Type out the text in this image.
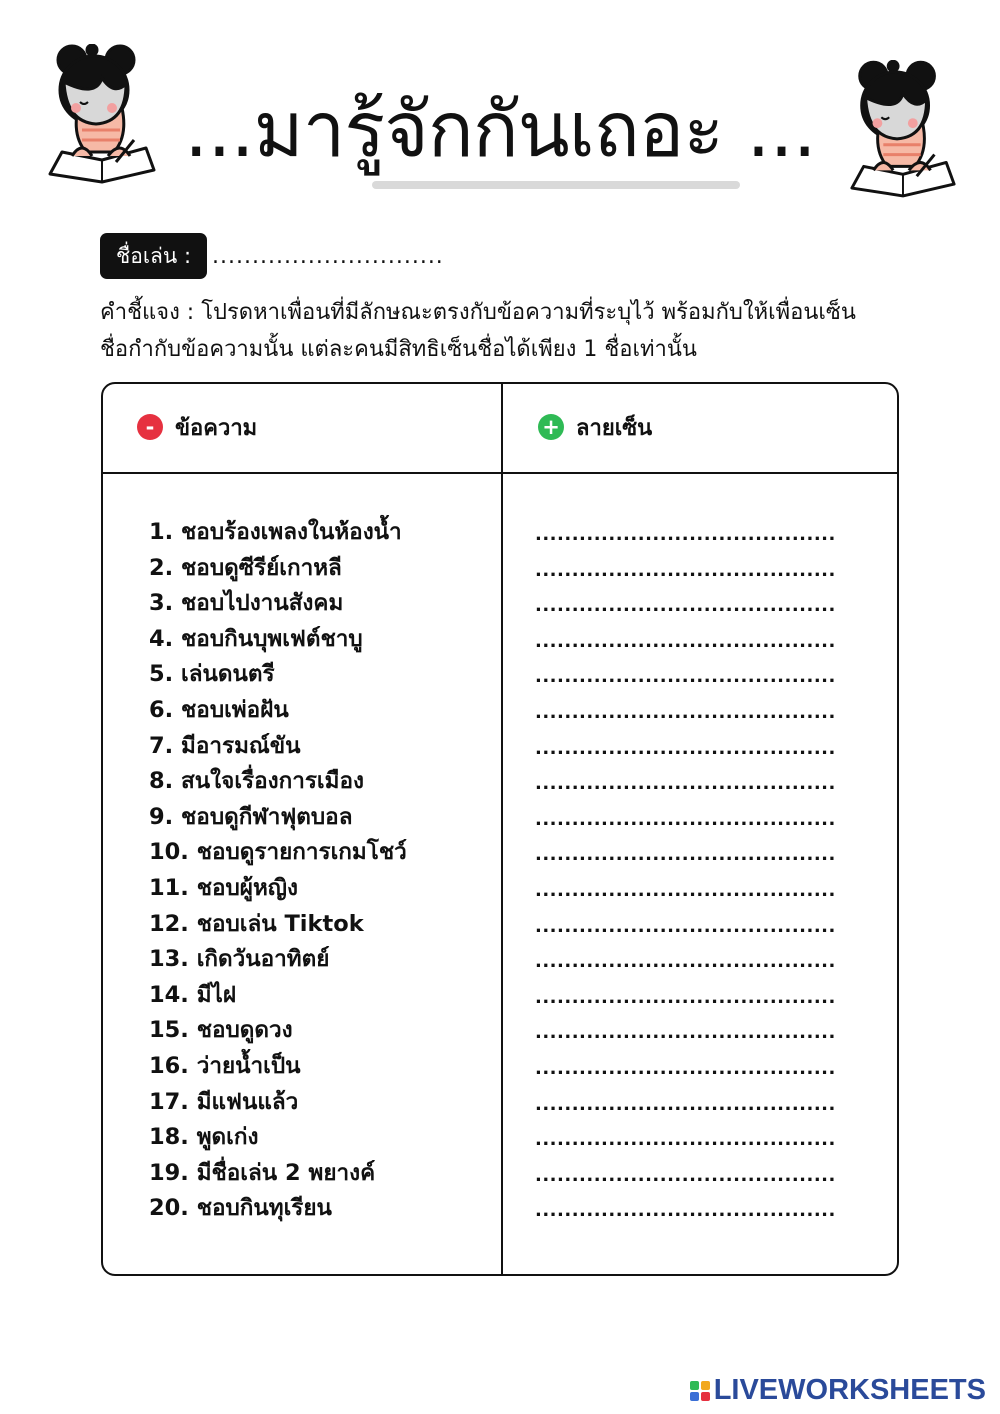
...มารู้จักกันเถอะ ...
ชื่อเล่น : .............................

คำชี้แจง : โปรดหาเพื่อนที่มีลักษณะตรงกับข้อความที่ระบุไว้ พร้อมกับให้เพื่อนเซ็น

ชื่อกำกับข้อความนั้น แต่ละคนมีสิทธิเซ็นชื่อได้เพียง 1 ชื่อเท่านั้น

- ข้อความ	+ ลายเซ็น
1. ชอบร้องเพลงในห้องน้ำ
2. ชอบดูซีรีย์เกาหลี
3. ชอบไปงานสังคม
4. ชอบกินบุพเฟต์ชาบู
5. เล่นดนตรี
6. ชอบเพ่อฝัน
7. มีอารมณ์ขัน
8. สนใจเรื่องการเมือง
9. ชอบดูกีฬาฟุตบอล
10. ชอบดูรายการเกมโชว์
11. ชอบผู้หญิง
12. ชอบเล่น Tiktok
13. เกิดวันอาทิตย์
14. มีไฝ
15. ชอบดูดวง
16. ว่ายน้ำเป็น
17. มีแฟนแล้ว
18. พูดเก่ง
19. มีชื่อเล่น 2 พยางค์
20. ชอบกินทุเรียน
.........................................
.........................................
.........................................
.........................................
.........................................
.........................................
.........................................
.........................................
.........................................
.........................................
.........................................
.........................................
.........................................
.........................................
.........................................
.........................................
.........................................
.........................................
.........................................
.........................................
LIVEWORKSHEETS
